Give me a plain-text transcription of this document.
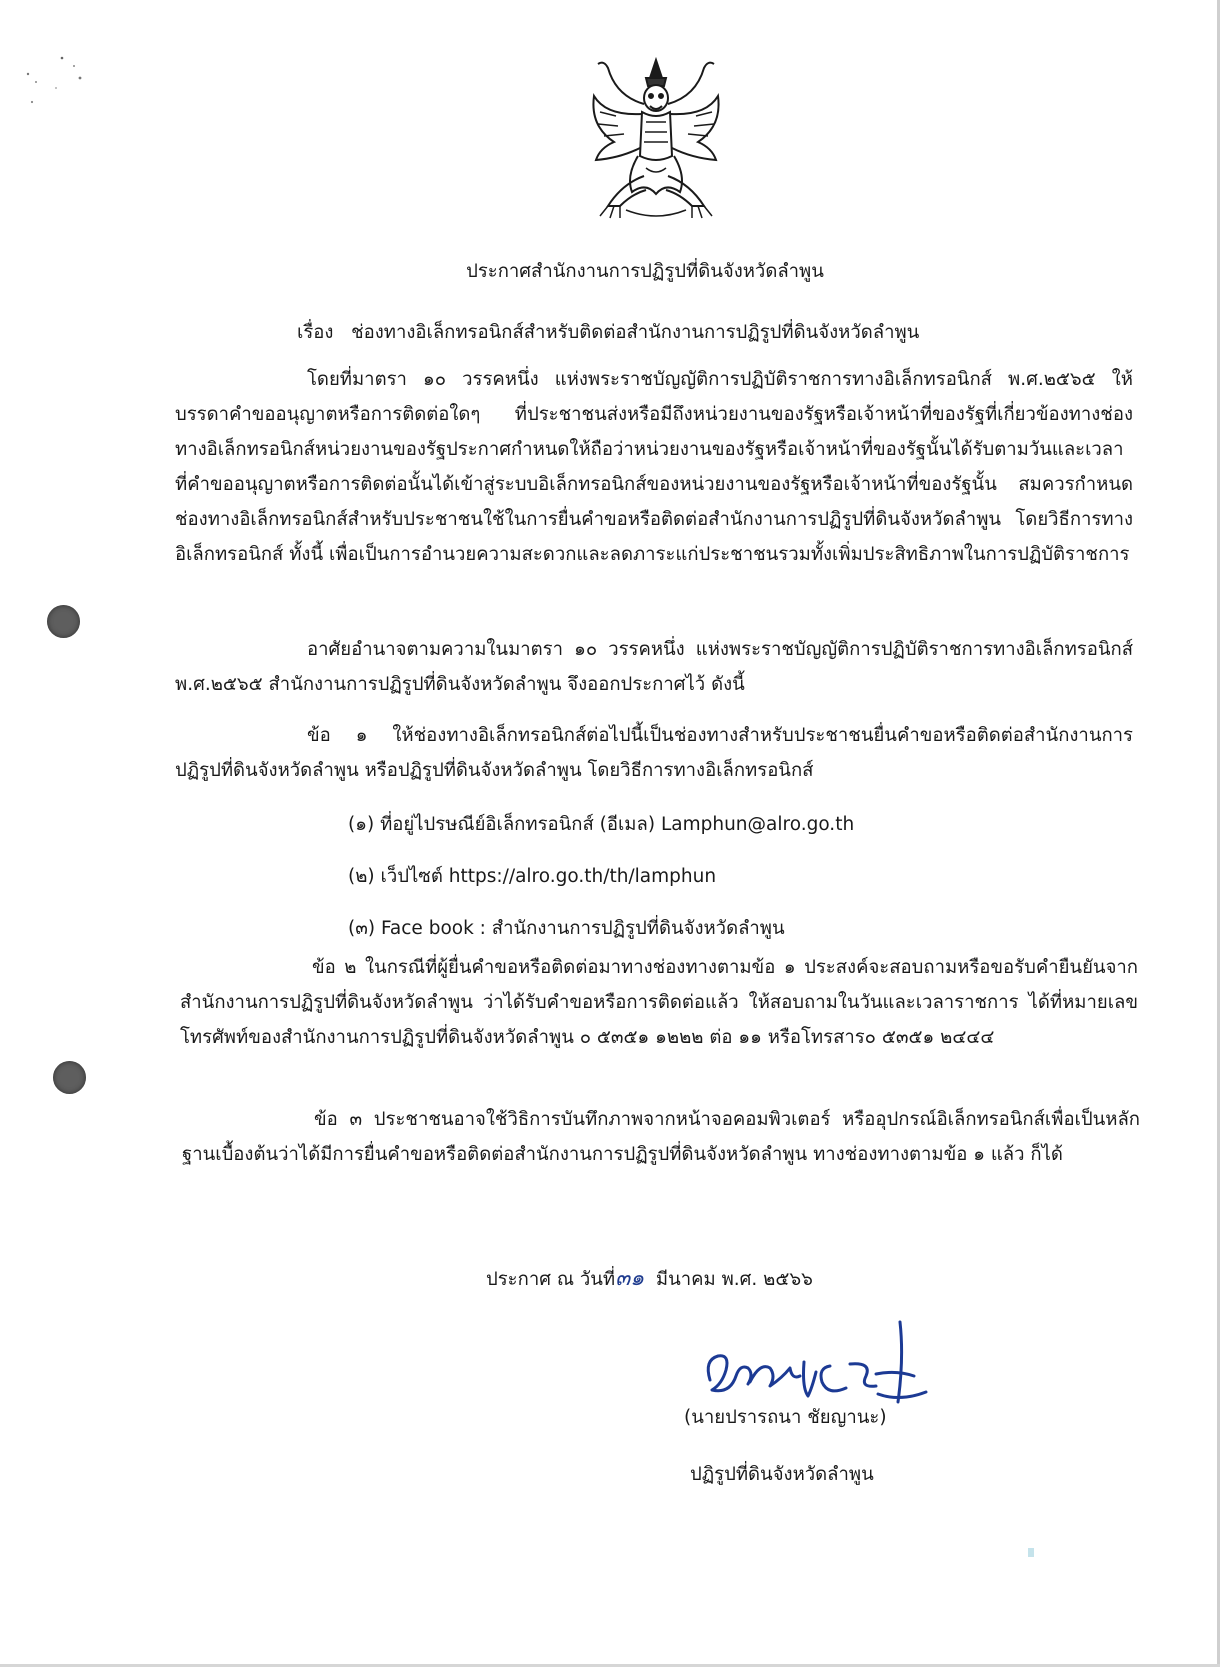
ประกาศสำนักงานการปฏิรูปที่ดินจังหวัดลำพูน
เรื่อง ช่องทางอิเล็กทรอนิกส์สำหรับติดต่อสำนักงานการปฏิรูปที่ดินจังหวัดลำพูน
โดยที่มาตรา ๑๐ วรรคหนึ่ง แห่งพระราชบัญญัติการปฏิบัติราชการทางอิเล็กทรอนิกส์ พ.ศ.๒๕๖๕ ให้บรรดาคำขออนุญาตหรือการติดต่อใดๆ ที่ประชาชนส่งหรือมีถึงหน่วยงานของรัฐหรือเจ้าหน้าที่ของรัฐที่เกี่ยวข้องทางช่องทางอิเล็กทรอนิกส์หน่วยงานของรัฐประกาศกำหนดให้ถือว่าหน่วยงานของรัฐหรือเจ้าหน้าที่ของรัฐนั้นได้รับตามวันและเวลาที่คำขออนุญาตหรือการติดต่อนั้นได้เข้าสู่ระบบอิเล็กทรอนิกส์ของหน่วยงานของรัฐหรือเจ้าหน้าที่ของรัฐนั้น สมควรกำหนดช่องทางอิเล็กทรอนิกส์สำหรับประชาชนใช้ในการยื่นคำขอหรือติดต่อสำนักงานการปฏิรูปที่ดินจังหวัดลำพูน โดยวิธีการทางอิเล็กทรอนิกส์ ทั้งนี้ เพื่อเป็นการอำนวยความสะดวกและลดภาระแก่ประชาชนรวมทั้งเพิ่มประสิทธิภาพในการปฏิบัติราชการ
อาศัยอำนาจตามความในมาตรา ๑๐ วรรคหนึ่ง แห่งพระราชบัญญัติการปฏิบัติราชการทางอิเล็กทรอนิกส์ พ.ศ.๒๕๖๕ สำนักงานการปฏิรูปที่ดินจังหวัดลำพูน จึงออกประกาศไว้ ดังนี้
ข้อ ๑ ให้ช่องทางอิเล็กทรอนิกส์ต่อไปนี้เป็นช่องทางสำหรับประชาชนยื่นคำขอหรือติดต่อสำนักงานการปฏิรูปที่ดินจังหวัดลำพูน หรือปฏิรูปที่ดินจังหวัดลำพูน โดยวิธีการทางอิเล็กทรอนิกส์
(๑) ที่อยู่ไปรษณีย์อิเล็กทรอนิกส์ (อีเมล) Lamphun@alro.go.th
(๒) เว็ปไซต์ https://alro.go.th/th/lamphun
(๓) Face book : สำนักงานการปฏิรูปที่ดินจังหวัดลำพูน
ข้อ ๒ ในกรณีที่ผู้ยื่นคำขอหรือติดต่อมาทางช่องทางตามข้อ ๑ ประสงค์จะสอบถามหรือขอรับคำยืนยันจากสำนักงานการปฏิรูปที่ดินจังหวัดลำพูน ว่าได้รับคำขอหรือการติดต่อแล้ว ให้สอบถามในวันและเวลาราชการ ได้ที่หมายเลขโทรศัพท์ของสำนักงานการปฏิรูปที่ดินจังหวัดลำพูน ๐ ๕๓๕๑ ๑๒๒๒ ต่อ ๑๑ หรือโทรสาร๐ ๕๓๕๑ ๒๔๔๔
ข้อ ๓ ประชาชนอาจใช้วิธิการบันทึกภาพจากหน้าจอคอมพิวเตอร์ หรืออุปกรณ์อิเล็กทรอนิกส์เพื่อเป็นหลักฐานเบื้องต้นว่าได้มีการยื่นคำขอหรือติดต่อสำนักงานการปฏิรูปที่ดินจังหวัดลำพูน ทางช่องทางตามข้อ ๑ แล้ว ก็ได้
ประกาศ ณ วันที่๓๑ มีนาคม พ.ศ. ๒๕๖๖
(นายปรารถนา ชัยญานะ)
ปฏิรูปที่ดินจังหวัดลำพูน
